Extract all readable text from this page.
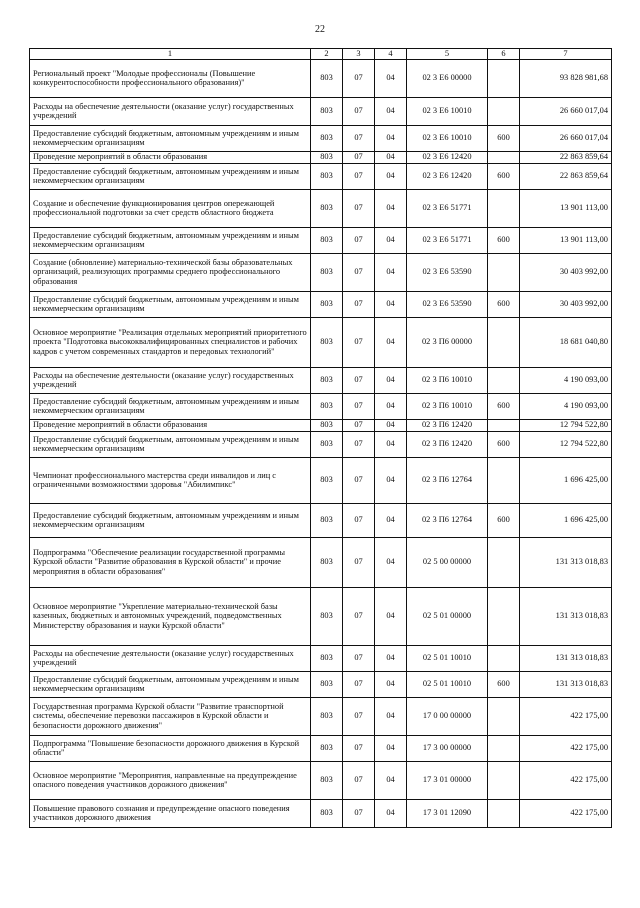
22
1	2	3	4	5	6	7
Региональный проект "Молодые профессионалы (Повышение конкурентоспособности профессионального образования)"	803	07	04	02 3 E6 00000		93 828 981,68
Расходы на обеспечение деятельности (оказание услуг) государственных учреждений	803	07	04	02 3 E6 10010		26 660 017,04
Предоставление субсидий бюджетным, автономным учреждениям и иным некоммерческим организациям	803	07	04	02 3 E6 10010	600	26 660 017,04
Проведение мероприятий в области образования	803	07	04	02 3 E6 12420		22 863 859,64
Предоставление субсидий бюджетным, автономным учреждениям и иным некоммерческим организациям	803	07	04	02 3 E6 12420	600	22 863 859,64
Создание и обеспечение функционирования центров опережающей профессиональной подготовки за счет средств областного бюджета	803	07	04	02 3 E6 51771		13 901 113,00
Предоставление субсидий бюджетным, автономным учреждениям и иным некоммерческим организациям	803	07	04	02 3 E6 51771	600	13 901 113,00
Создание (обновление) материально-технической базы образовательных организаций, реализующих программы среднего профессионального образования	803	07	04	02 3 E6 53590		30 403 992,00
Предоставление субсидий бюджетным, автономным учреждениям и иным некоммерческим организациям	803	07	04	02 3 E6 53590	600	30 403 992,00
Основное мероприятие "Реализация отдельных мероприятий приоритетного проекта "Подготовка высококвалифицированных специалистов и рабочих кадров с учетом современных стандартов и передовых технологий"	803	07	04	02 3 П6 00000		18 681 040,80
Расходы на обеспечение деятельности (оказание услуг) государственных учреждений	803	07	04	02 3 П6 10010		4 190 093,00
Предоставление субсидий бюджетным, автономным учреждениям и иным некоммерческим организациям	803	07	04	02 3 П6 10010	600	4 190 093,00
Проведение мероприятий в области образования	803	07	04	02 3 П6 12420		12 794 522,80
Предоставление субсидий бюджетным, автономным учреждениям и иным некоммерческим организациям	803	07	04	02 3 П6 12420	600	12 794 522,80
Чемпионат профессионального мастерства среди инвалидов и лиц с ограниченными возможностями здоровья "Абилимпикс"	803	07	04	02 3 П6 12764		1 696 425,00
Предоставление субсидий бюджетным, автономным учреждениям и иным некоммерческим организациям	803	07	04	02 3 П6 12764	600	1 696 425,00
Подпрограмма "Обеспечение реализации государственной программы Курской области "Развитие образования в Курской области" и прочие мероприятия в области образования"	803	07	04	02 5 00 00000		131 313 018,83
Основное мероприятие "Укрепление материально-технической базы казенных, бюджетных и автономных учреждений, подведомственных Министерству образования и науки Курской области"	803	07	04	02 5 01 00000		131 313 018,83
Расходы на обеспечение деятельности (оказание услуг) государственных учреждений	803	07	04	02 5 01 10010		131 313 018,83
Предоставление субсидий бюджетным, автономным учреждениям и иным некоммерческим организациям	803	07	04	02 5 01 10010	600	131 313 018,83
Государственная программа Курской области "Развитие транспортной системы, обеспечение перевозки пассажиров в Курской области и безопасности дорожного движения"	803	07	04	17 0 00 00000		422 175,00
Подпрограмма "Повышение безопасности дорожного движения в Курской области"	803	07	04	17 3 00 00000		422 175,00
Основное мероприятие "Мероприятия, направленные на предупреждение опасного поведения участников дорожного движения"	803	07	04	17 3 01 00000		422 175,00
Повышение правового сознания и предупреждение опасного поведения участников дорожного движения	803	07	04	17 3 01 12090		422 175,00
